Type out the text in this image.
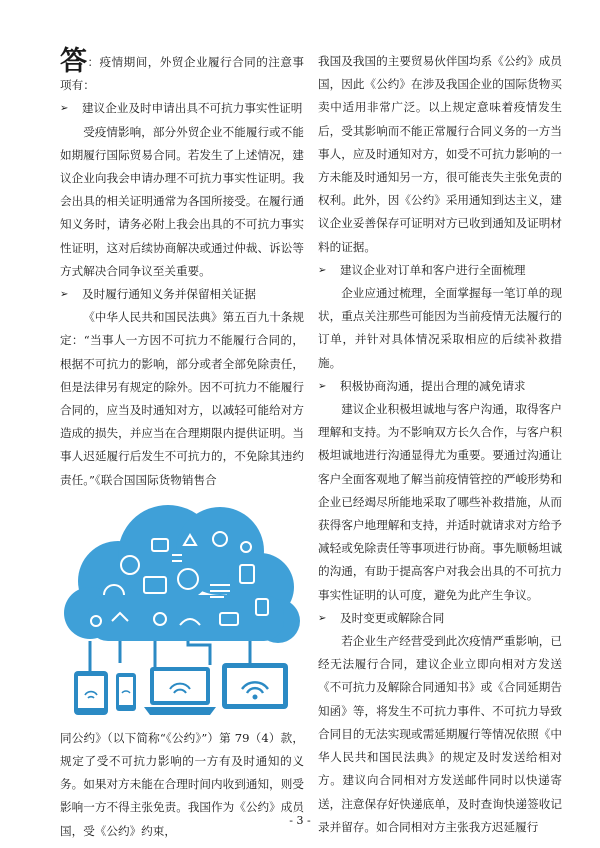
答：疫情期间，外贸企业履行合同的注意事项有：

➢	建议企业及时申请出具不可抗力事实性证明

受疫情影响，部分外贸企业不能履行或不能如期履行国际贸易合同。若发生了上述情况，建议企业向我会申请办理不可抗力事实性证明。我会出具的相关证明通常为各国所接受。在履行通知义务时，请务必附上我会出具的不可抗力事实性证明，这对后续协商解决或通过仲裁、诉讼等方式解决合同争议至关重要。

➢	及时履行通知义务并保留相关证据

《中华人民共和国民法典》第五百九十条规定：“当事人一方因不可抗力不能履行合同的，根据不可抗力的影响，部分或者全部免除责任，但是法律另有规定的除外。因不可抗力不能履行合同的，应当及时通知对方，以减轻可能给对方造成的损失，并应当在合理期限内提供证明。当事人迟延履行后发生不可抗力的，不免除其违约责任。”《联合国国际货物销售合

同公约》（以下简称“《公约》”）第 79（4）款，规定了受不可抗力影响的一方有及时通知的义务。如果对方未能在合理时间内收到通知，则受影响一方不得主张免责。我国作为《公约》成员国，受《公约》约束，

我国及我国的主要贸易伙伴国均系《公约》成员国，因此《公约》在涉及我国企业的国际货物买卖中适用非常广泛。以上规定意味着疫情发生后，受其影响而不能正常履行合同义务的一方当事人，应及时通知对方，如受不可抗力影响的一方未能及时通知另一方，很可能丧失主张免责的权利。此外，因《公约》采用通知到达主义，建议企业妥善保存可证明对方已收到通知及证明材料的证据。

➢	建议企业对订单和客户进行全面梳理

企业应通过梳理，全面掌握每一笔订单的现状，重点关注那些可能因为当前疫情无法履行的订单，并针对具体情况采取相应的后续补救措施。

➢	积极协商沟通，提出合理的减免请求

建议企业积极坦诚地与客户沟通，取得客户理解和支持。为不影响双方长久合作，与客户积极坦诚地进行沟通显得尤为重要。要通过沟通让客户全面客观地了解当前疫情管控的严峻形势和企业已经竭尽所能地采取了哪些补救措施，从而获得客户地理解和支持，并适时就请求对方给予减轻或免除责任等事项进行协商。事先顺畅坦诚的沟通，有助于提高客户对我会出具的不可抗力事实性证明的认可度，避免为此产生争议。

➢	及时变更或解除合同

若企业生产经营受到此次疫情严重影响，已经无法履行合同，建议企业立即向相对方发送《不可抗力及解除合同通知书》或《合同延期告知函》等，将发生不可抗力事件、不可抗力导致合同目的无法实现或需延期履行等情况依照《中华人民共和国民法典》的规定及时发送给相对方。建议向合同相对方发送邮件同时以快递寄送，注意保存好快递底单，及时查询快递签收记录并留存。如合同相对方主张我方迟延履行

- 3 -
